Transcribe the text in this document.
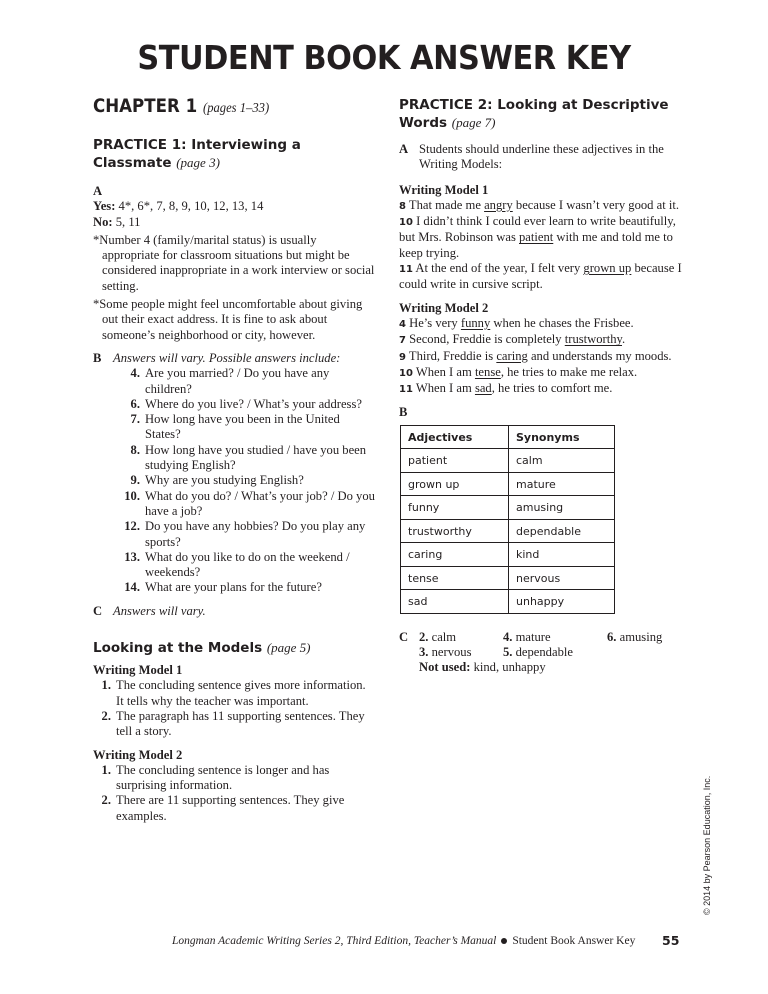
STUDENT BOOK ANSWER KEY
CHAPTER 1 (pages 1–33)
PRACTICE 1: Interviewing a Classmate (page 3)
A
Yes: 4*, 6*, 7, 8, 9, 10, 12, 13, 14
No: 5, 11
*Number 4 (family/marital status) is usually appropriate for classroom situations but might be considered inappropriate in a work interview or social setting.
*Some people might feel uncomfortable about giving out their exact address. It is fine to ask about someone’s neighborhood or city, however.
B Answers will vary. Possible answers include:
4. Are you married? / Do you have any children?
6. Where do you live? / What’s your address?
7. How long have you been in the United States?
8. How long have you studied / have you been studying English?
9. Why are you studying English?
10. What do you do? / What’s your job? / Do you have a job?
12. Do you have any hobbies? Do you play any sports?
13. What do you like to do on the weekend / weekends?
14. What are your plans for the future?
C Answers will vary.
Looking at the Models (page 5)
Writing Model 1
1. The concluding sentence gives more information. It tells why the teacher was important.
2. The paragraph has 11 supporting sentences. They tell a story.
Writing Model 2
1. The concluding sentence is longer and has surprising information.
2. There are 11 supporting sentences. They give examples.
PRACTICE 2: Looking at Descriptive Words (page 7)
A Students should underline these adjectives in the Writing Models:
Writing Model 1
8 That made me angry because I wasn’t very good at it.
10 I didn’t think I could ever learn to write beautifully, but Mrs. Robinson was patient with me and told me to keep trying.
11 At the end of the year, I felt very grown up because I could write in cursive script.
Writing Model 2
4 He’s very funny when he chases the Frisbee.
7 Second, Freddie is completely trustworthy.
9 Third, Freddie is caring and understands my moods.
10 When I am tense, he tries to make me relax.
11 When I am sad, he tries to comfort me.
B
Adjectives	Synonyms
patient	calm
grown up	mature
funny	amusing
trustworthy	dependable
caring	kind
tense	nervous
sad	unhappy
C 2. calm	4. mature	6. amusing
3. nervous	5. dependable
Not used: kind, unhappy
© 2014 by Pearson Education, Inc.
Longman Academic Writing Series 2, Third Edition, Teacher’s Manual Student Book Answer Key 55
